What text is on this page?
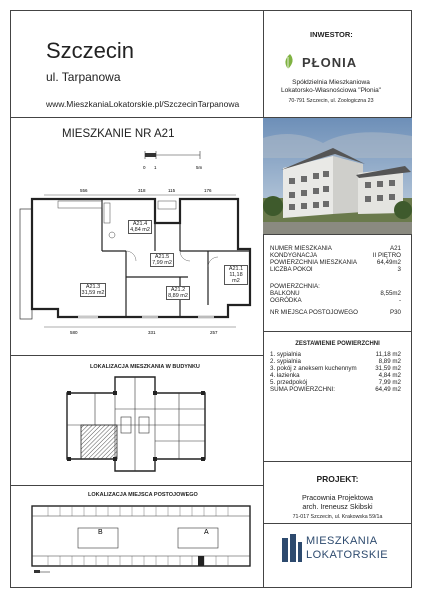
Szczecin
ul. Tarpanowa
www.MieszkaniaLokatorskie.pl/SzczecinTarpanowa
INWESTOR:
PŁONIA
Spółdzielnia Mieszkaniowa
Lokatorsko-Własnościowa "Płonia"
70-791 Szczecin, ul. Zoologiczna 23
MIESZKANIE NR A21
0 1	5m
556	318	115	176
580	331	257
A21.4
4,84 m2
A21.5
7,99 m2
A21.3
31,59 m2	A21.2
8,89 m2
A21.1
11,18 m2
NUMER MIESZKANIA	A21
KONDYGNACJA	II PIĘTRO
POWIERZCHNIA MIESZKANIA	64,49m2
LICZBA POKOI	3
POWIERZCHNIA:
BALKONU	8,55m2
OGRÓDKA	-
NR MIEJSCA POSTOJOWEGO	P30
ZESTAWIENIE POWIERZCHNI
1. sypialnia	11,18 m2
2. sypialnia	8,89 m2
3. pokój z aneksem kuchennym	31,59 m2
4. łazienka	4,84 m2
5. przedpokój	7,99 m2
SUMA POWIERZCHNI:	64,49 m2
LOKALIZACJA MIESZKANIA W BUDYNKU
LOKALIZACJA MIEJSCA POSTOJOWEGO
B	A
PROJEKT:
Pracownia Projektowa
arch. Ireneusz Skibski
71-017 Szczecin, ul. Krakowska 59/1a
MIESZKANIA
LOKATORSKIE
